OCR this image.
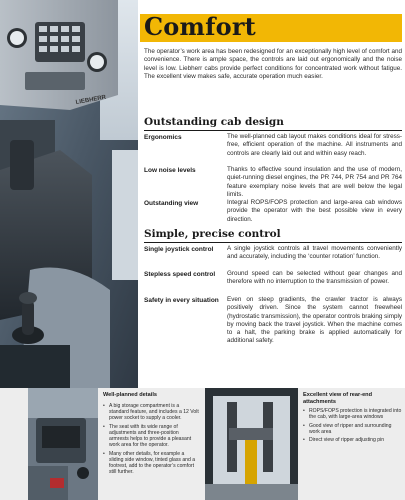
LIEBHERR
Comfort

The operator’s work area has been redesigned for an exceptionally high level of comfort and convenience. There is ample space, the controls are laid out ergonomically and the noise level is low. Liebherr cabs provide perfect conditions for concentrated work without fatigue. The excellent view makes safe, accurate operation much easier.

Outstanding cab design
Ergonomics	The well-planned cab layout makes conditions ideal for stress-free, efficient operation of the machine. All instruments and controls are clearly laid out and within easy reach.
Low noise levels	Thanks to effective sound insulation and the use of modern, quiet-running diesel engines, the PR 744, PR 754 and PR 764 feature exemplary noise levels that are well below the legal limits.
Outstanding view	Integral ROPS/FOPS protection and large-area cab windows provide the operator with the best possible view in every direction.
Simple, precise control
Single joystick control	A single joystick controls all travel movements conveniently and accurately, including the ‘counter rotation’ function.
Stepless speed control	Ground speed can be selected without gear changes and therefore with no interruption to the transmission of power.
Safety in every situation	Even on steep gradients, the crawler tractor is always positively driven. Since the system cannot freewheel (hydrostatic transmission), the operator controls braking simply by moving back the travel joystick. When the machine comes to a halt, the parking brake is applied automatically for additional safety.
Well-planned details
• A big storage compartment is a standard feature, and includes a 12 Volt power socket to supply a cooler.
• The seat with its wide range of adjustments and three-position armrests helps to provide a pleasant work area for the operator.
• Many other details, for example a sliding side window, tinted glass and a footrest, add to the operator’s comfort still further.
Excellent view of rear-end attachments
• ROPS/FOPS protection is integrated into the cab, with large-area windows
• Good view of ripper and surrounding work area
• Direct view of ripper adjusting pin
